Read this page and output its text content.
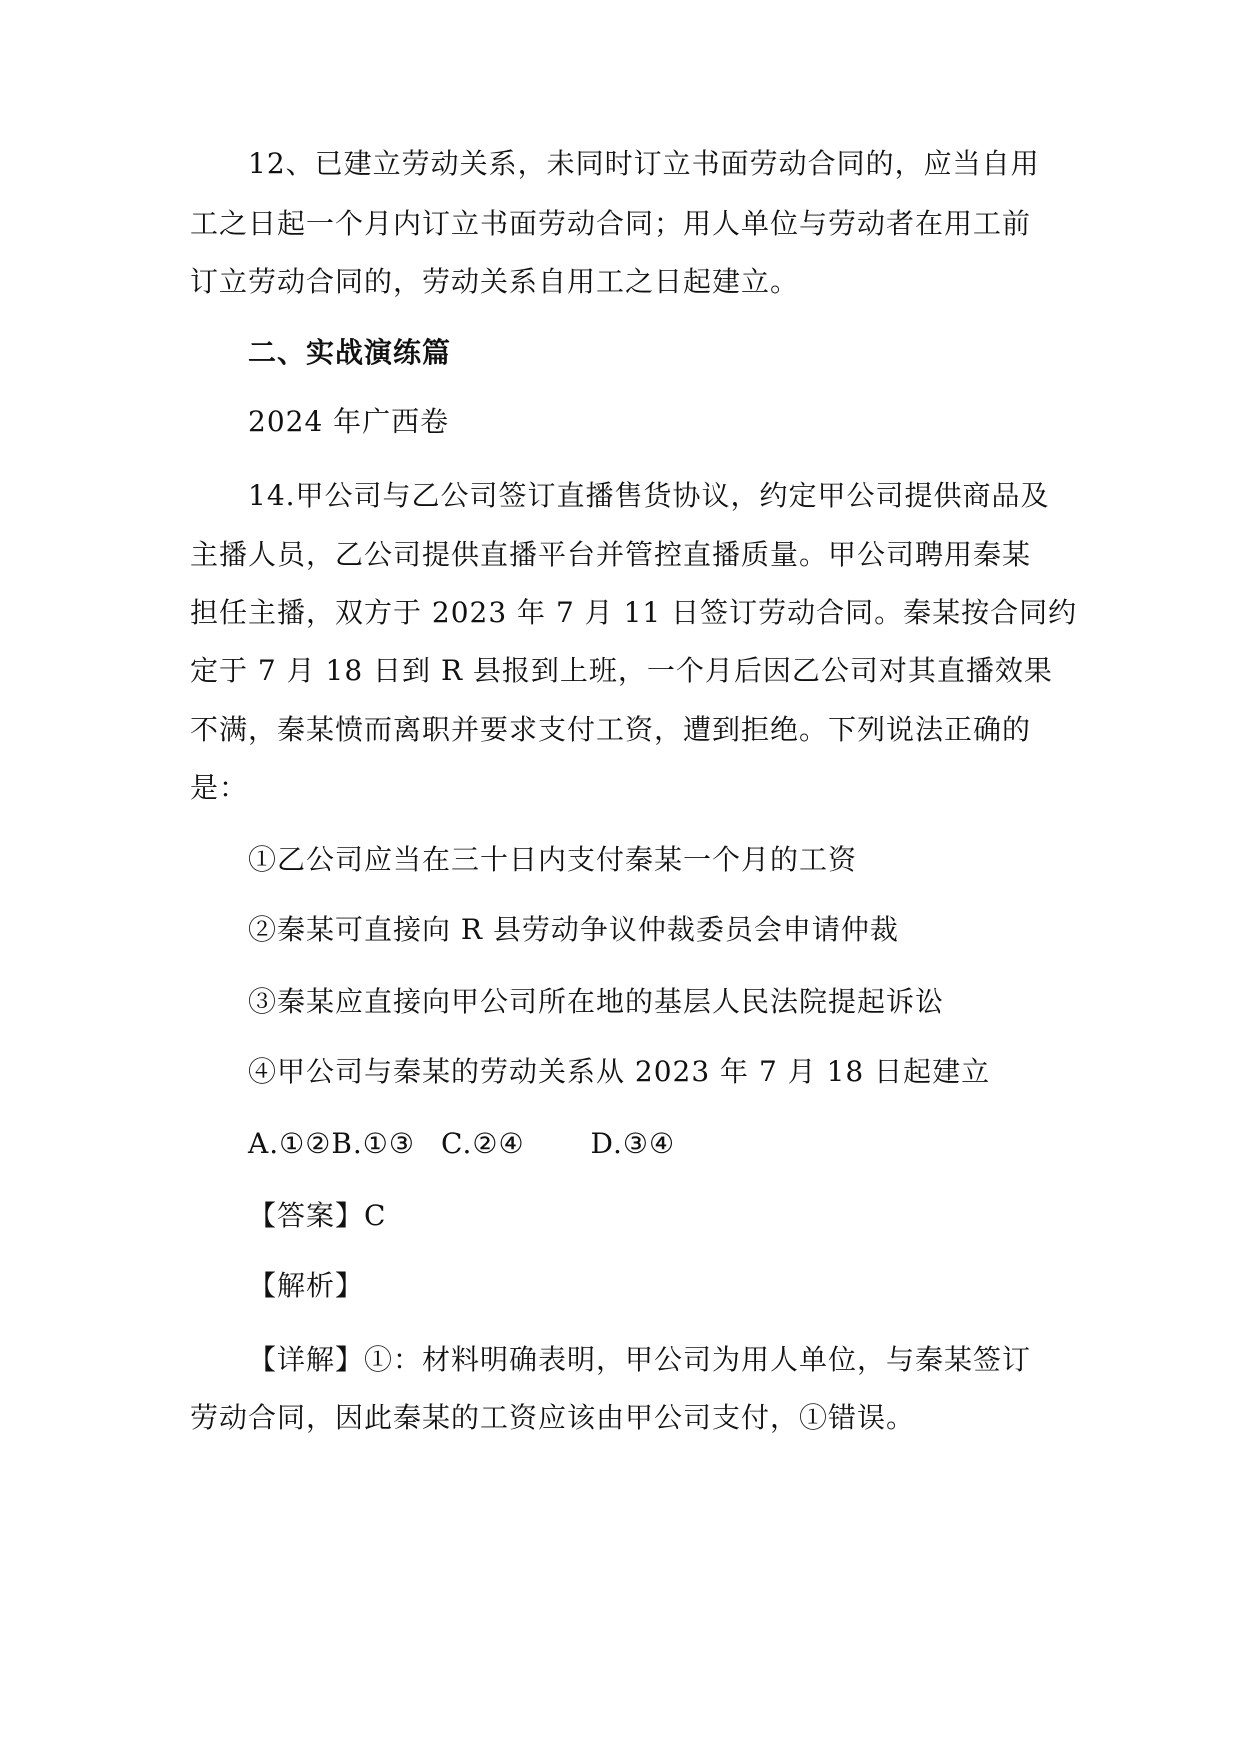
12、已建立劳动关系，未同时订立书面劳动合同的，应当自用
工之日起一个月内订立书面劳动合同；用人单位与劳动者在用工前
订立劳动合同的，劳动关系自用工之日起建立。
二、实战演练篇
2024 年广西卷
14.甲公司与乙公司签订直播售货协议，约定甲公司提供商品及
主播人员，乙公司提供直播平台并管控直播质量。甲公司聘用秦某
担任主播，双方于 2023 年 7 月 11 日签订劳动合同。秦某按合同约
定于 7 月 18 日到 R 县报到上班，一个月后因乙公司对其直播效果
不满，秦某愤而离职并要求支付工资，遭到拒绝。下列说法正确的
是：
①乙公司应当在三十日内支付秦某一个月的工资
②秦某可直接向 R 县劳动争议仲裁委员会申请仲裁
③秦某应直接向甲公司所在地的基层人民法院提起诉讼
④甲公司与秦某的劳动关系从 2023 年 7 月 18 日起建立
A.①②B.①③ C.②④ D.③④
【答案】C
【解析】
【详解】①：材料明确表明，甲公司为用人单位，与秦某签订
劳动合同，因此秦某的工资应该由甲公司支付，①错误。
